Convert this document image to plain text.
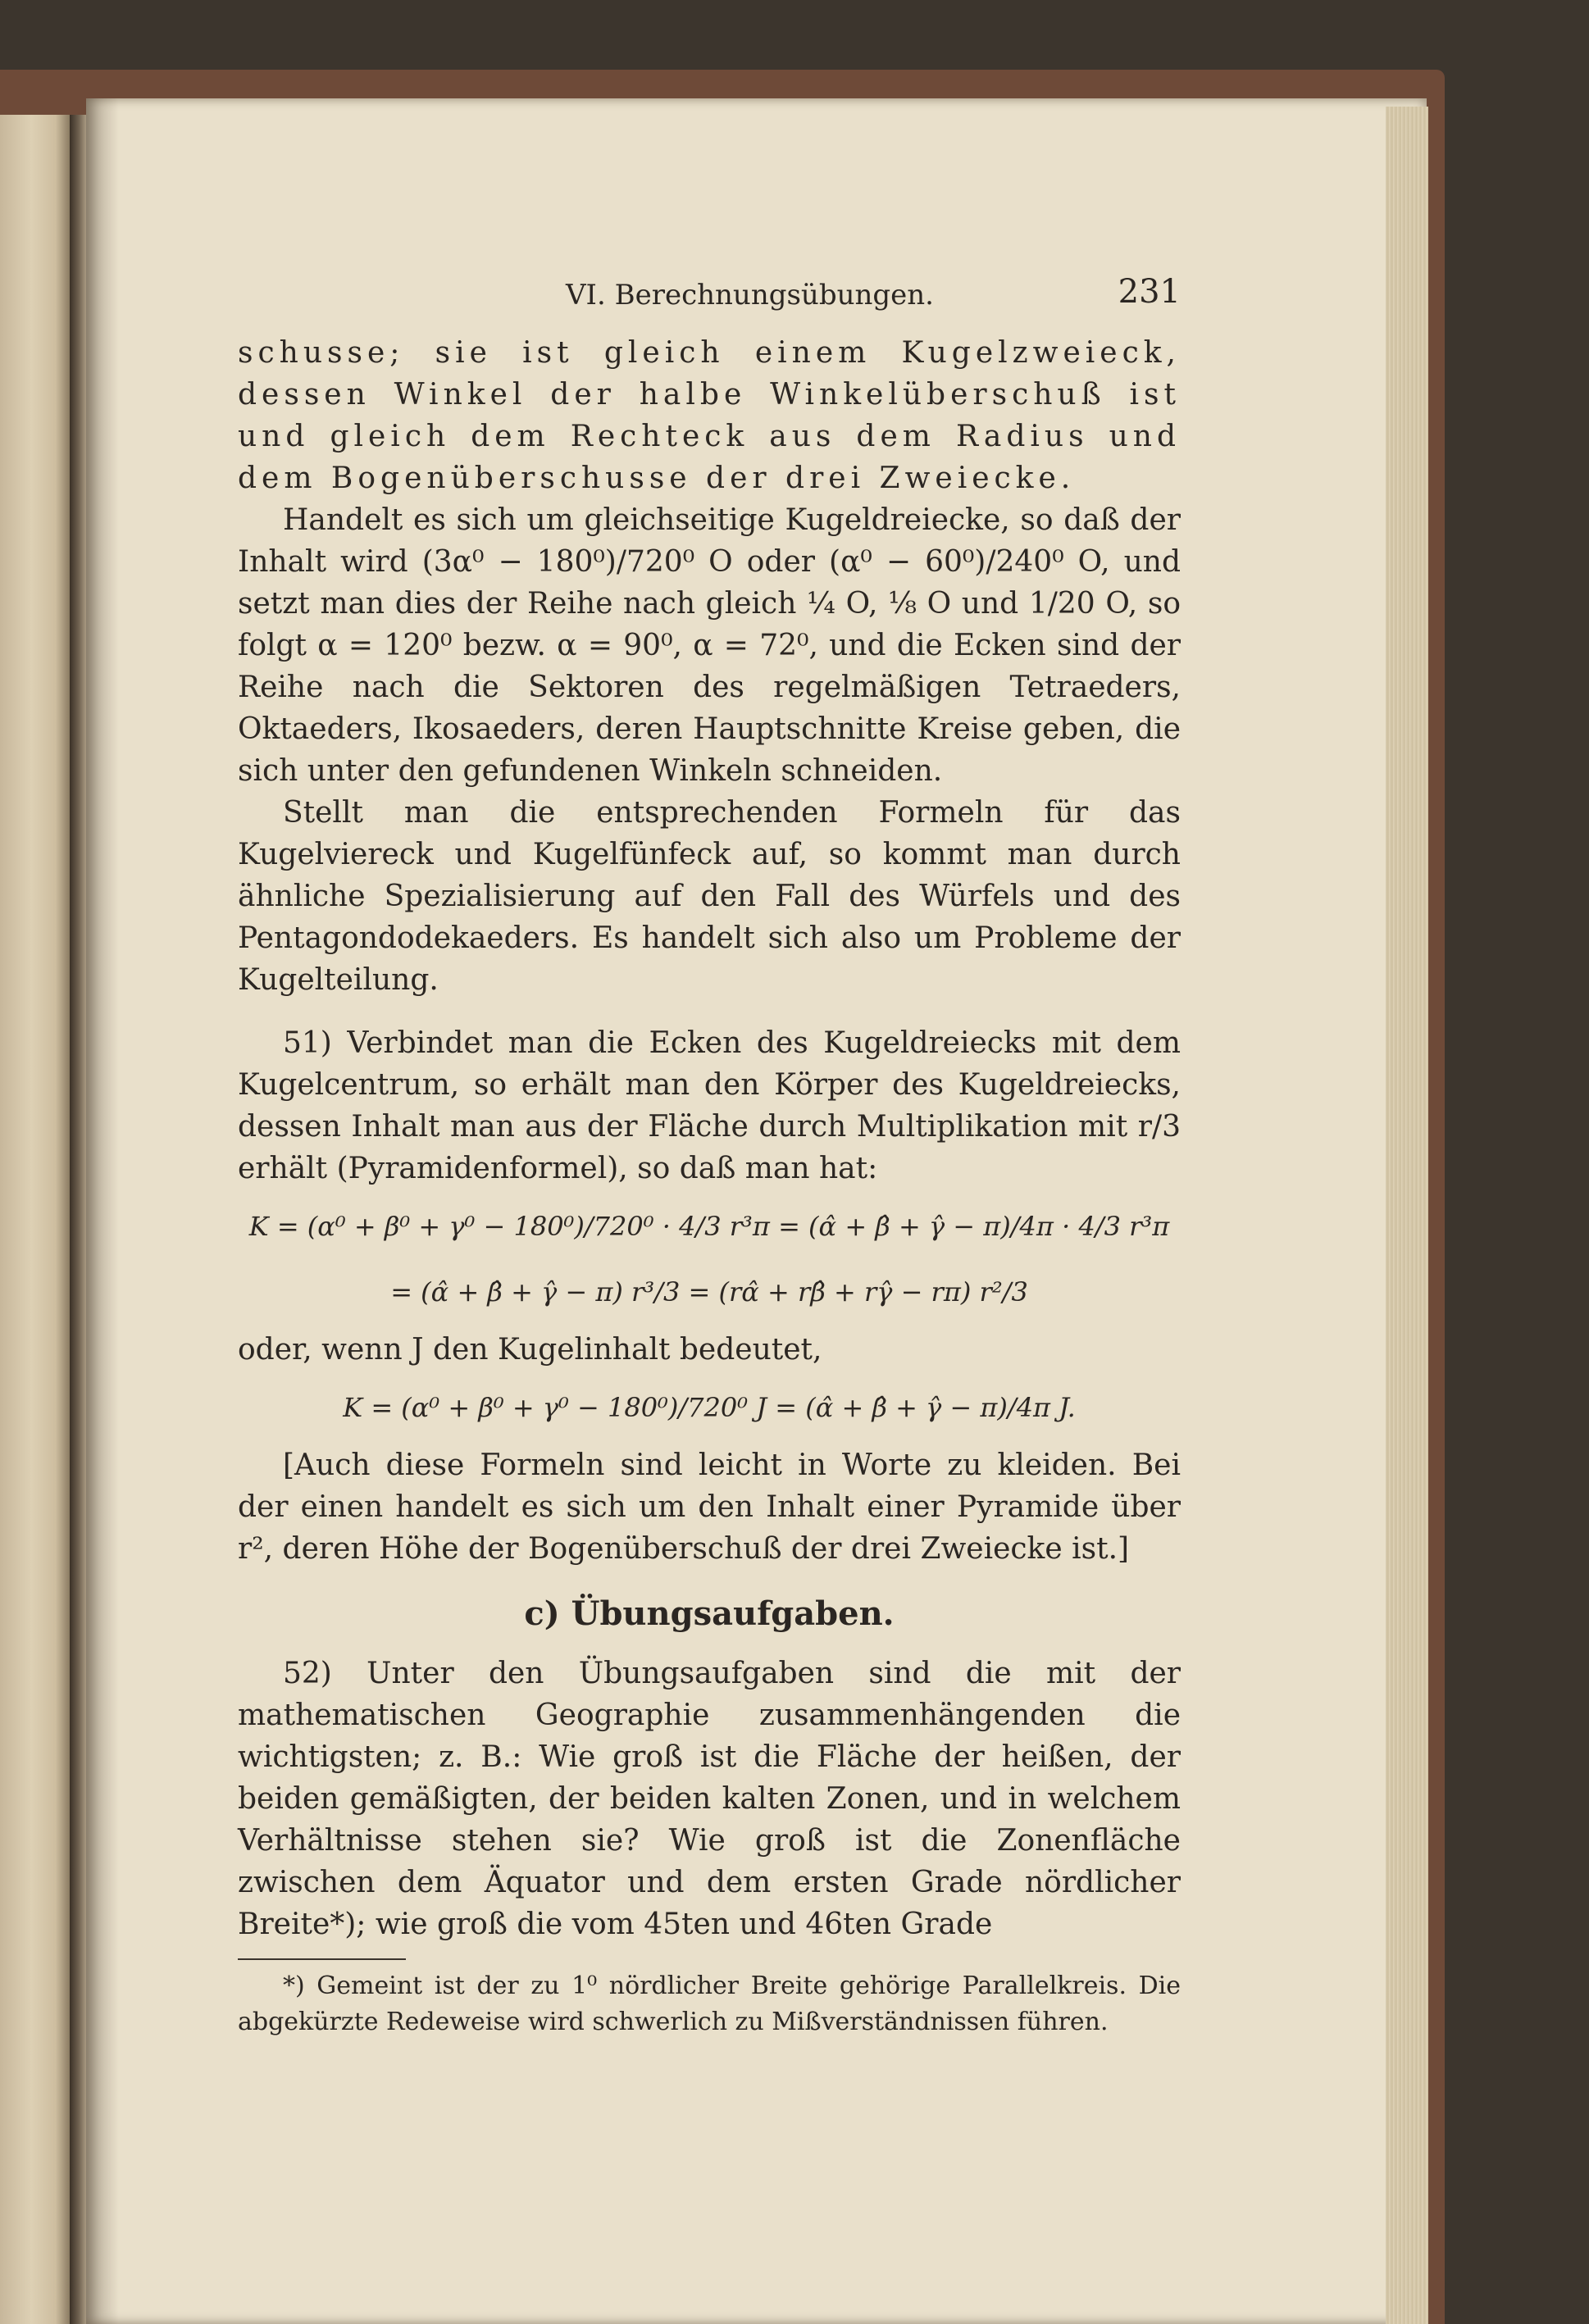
VI. Berechnungsübungen.	231

schusse; sie ist gleich einem Kugelzweieck, dessen Winkel der halbe Winkelüberschuß ist und gleich dem Rechteck aus dem Radius und dem Bogenüberschusse der drei Zweiecke.

Handelt es sich um gleichseitige Kugeldreiecke, so daß der Inhalt wird (3α⁰ − 180⁰)/720⁰ O oder (α⁰ − 60⁰)/240⁰ O, und setzt man dies der Reihe nach gleich ¼ O, ⅛ O und 1/20 O, so folgt α = 120⁰ bezw. α = 90⁰, α = 72⁰, und die Ecken sind der Reihe nach die Sektoren des regelmäßigen Tetraeders, Oktaeders, Ikosaeders, deren Hauptschnitte Kreise geben, die sich unter den gefundenen Winkeln schneiden.

Stellt man die entsprechenden Formeln für das Kugelviereck und Kugelfünfeck auf, so kommt man durch ähnliche Spezialisierung auf den Fall des Würfels und des Pentagondodekaeders. Es handelt sich also um Probleme der Kugelteilung.

51) Verbindet man die Ecken des Kugeldreiecks mit dem Kugelcentrum, so erhält man den Körper des Kugeldreiecks, dessen Inhalt man aus der Fläche durch Multiplikation mit r/3 erhält (Pyramidenformel), so daß man hat:

K = (α⁰ + β⁰ + γ⁰ − 180⁰)/720⁰ · 4/3 r³π = (α̂ + β̂ + γ̂ − π)/4π · 4/3 r³π
= (α̂ + β̂ + γ̂ − π) r³/3 = (rα̂ + rβ̂ + rγ̂ − rπ) r²/3

oder, wenn J den Kugelinhalt bedeutet,

K = (α⁰ + β⁰ + γ⁰ − 180⁰)/720⁰ J = (α̂ + β̂ + γ̂ − π)/4π J.

[Auch diese Formeln sind leicht in Worte zu kleiden. Bei der einen handelt es sich um den Inhalt einer Pyramide über r², deren Höhe der Bogenüberschuß der drei Zweiecke ist.]

c) Übungsaufgaben.

52) Unter den Übungsaufgaben sind die mit der mathematischen Geographie zusammenhängenden die wichtigsten; z. B.: Wie groß ist die Fläche der heißen, der beiden gemäßigten, der beiden kalten Zonen, und in welchem Verhältnisse stehen sie? Wie groß ist die Zonenfläche zwischen dem Äquator und dem ersten Grade nördlicher Breite*); wie groß die vom 45ten und 46ten Grade

*) Gemeint ist der zu 1⁰ nördlicher Breite gehörige Parallelkreis. Die abgekürzte Redeweise wird schwerlich zu Mißverständnissen führen.
